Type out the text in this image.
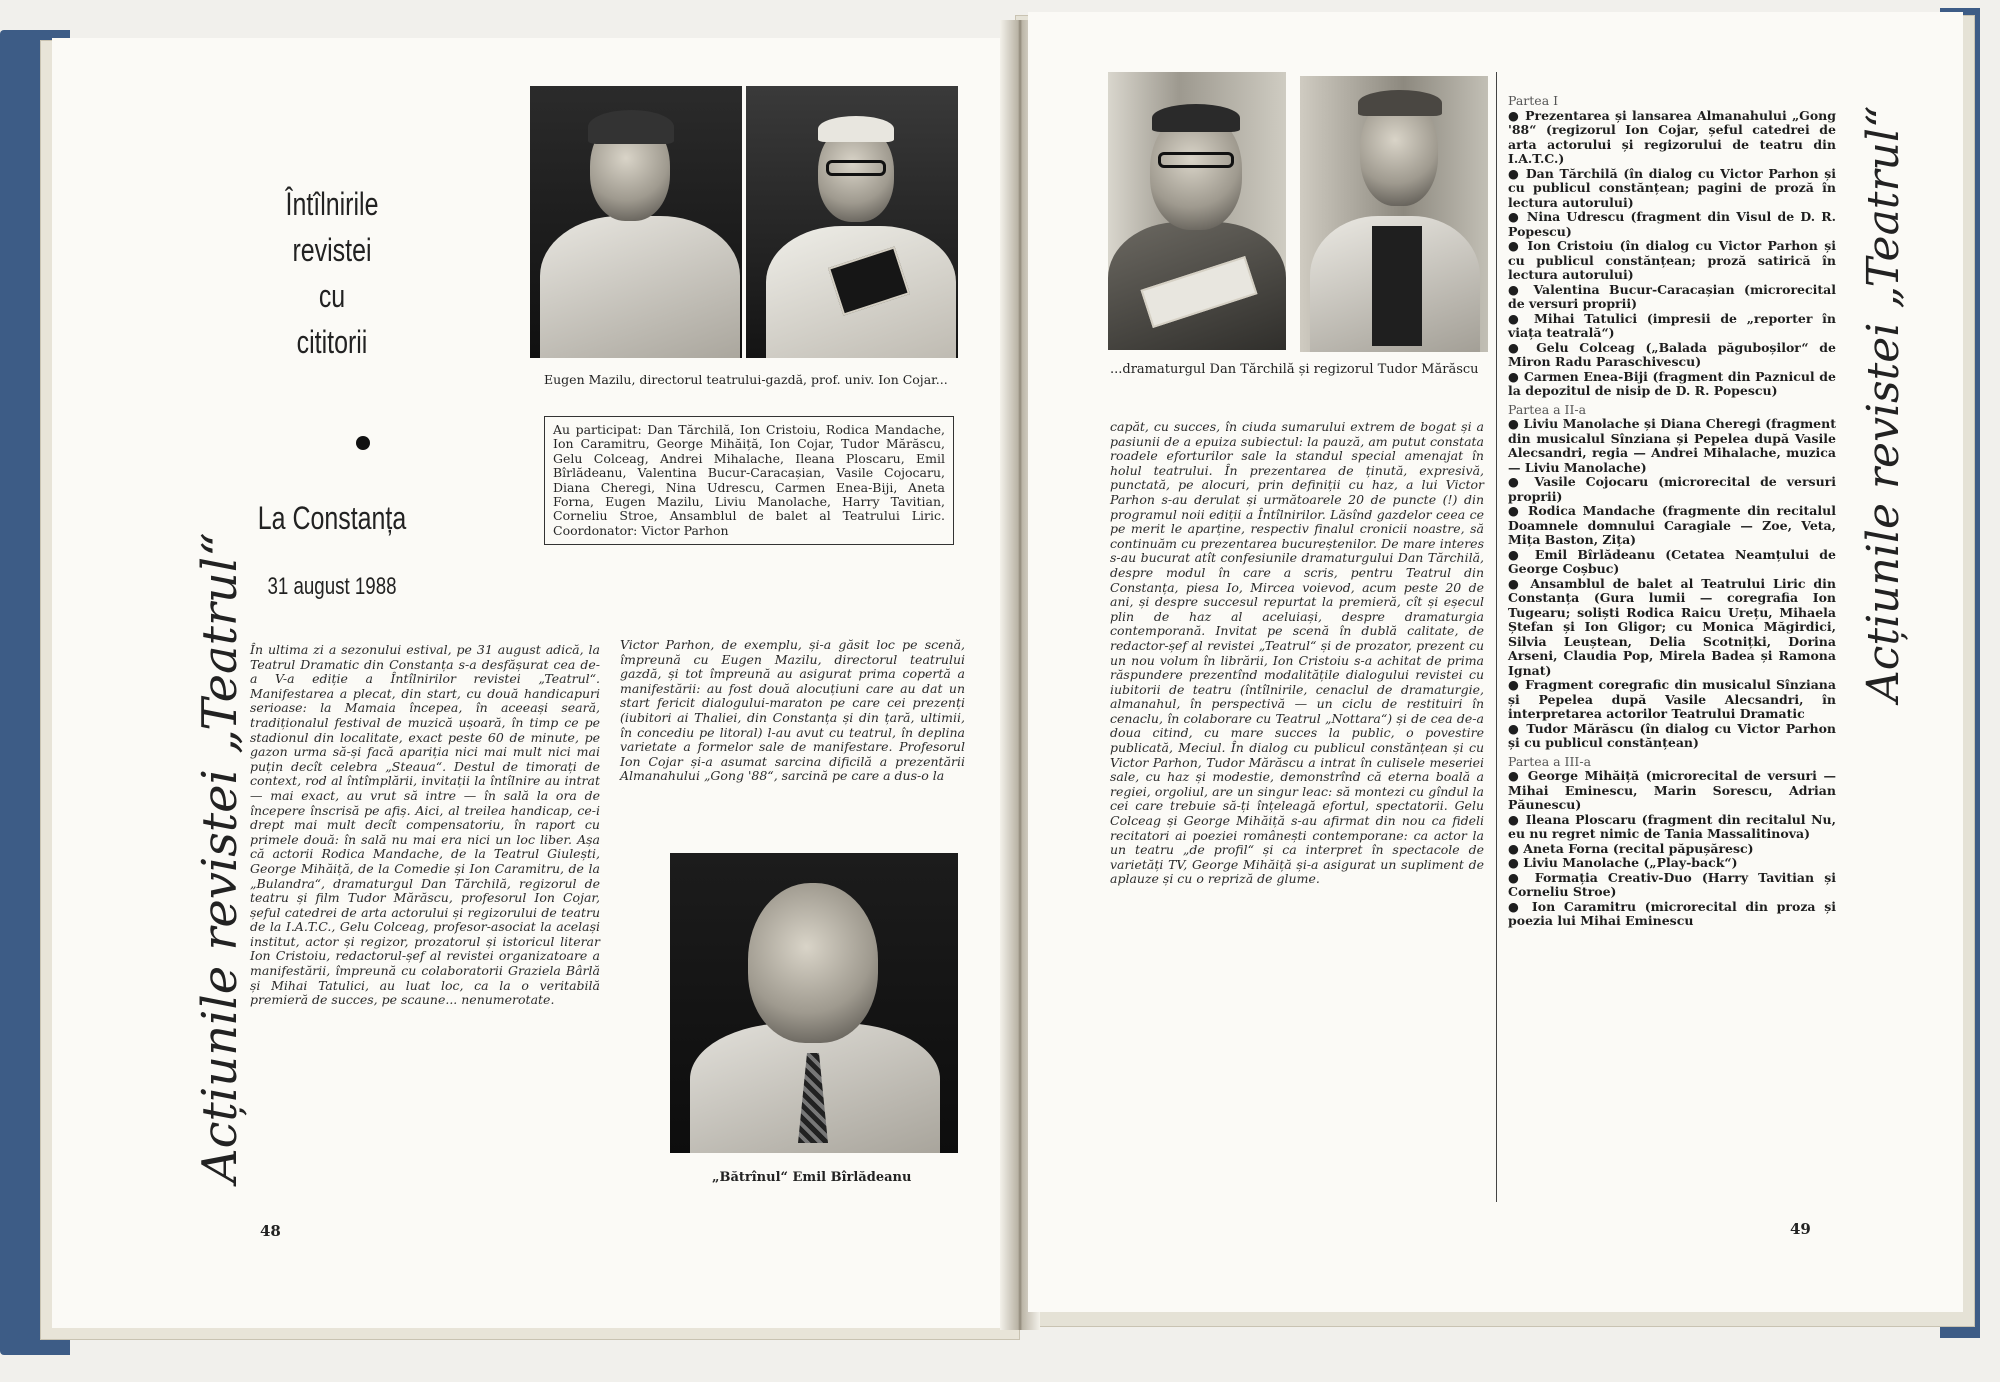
Întîlnirile
revistei
cu
cititorii
La Constanța
31 august 1988
Acțiunile revistei „Teatrul“
Eugen Mazilu, directorul teatrului-gazdă, prof. univ. Ion Cojar...
Au participat: Dan Tărchilă, Ion Cristoiu, Rodica Mandache, Ion Caramitru, George Mihăiță, Ion Cojar, Tudor Mărăscu, Gelu Colceag, Andrei Mihalache, Ileana Ploscaru, Emil Bîrlădeanu, Valentina Bucur-Caracașian, Vasile Cojocaru, Diana Cheregi, Nina Udrescu, Carmen Enea-Biji, Aneta Forna, Eugen Mazilu, Liviu Manolache, Harry Tavitian, Corneliu Stroe, Ansamblul de balet al Teatrului Liric. Coordonator: Victor Parhon
În ultima zi a sezonului estival, pe 31 august adică, la Teatrul Dramatic din Constanța s-a desfășurat cea de-a V-a ediție a Întîlnirilor revistei „Teatrul“. Manifestarea a plecat, din start, cu două handicapuri serioase: la Mamaia începea, în aceeași seară, tradiționalul festival de muzică ușoară, în timp ce pe stadionul din localitate, exact peste 60 de minute, pe gazon urma să-și facă apariția nici mai mult nici mai puțin decît celebra „Steaua“. Destul de timorați de context, rod al întîmplării, invitații la întîlnire au intrat — mai exact, au vrut să intre — în sală la ora de începere înscrisă pe afiș. Aici, al treilea handicap, ce-i drept mai mult decît compensatoriu, în raport cu primele două: în sală nu mai era nici un loc liber. Așa că actorii Rodica Mandache, de la Teatrul Giulești, George Mihăiță, de la Comedie și Ion Caramitru, de la „Bulandra“, dramaturgul Dan Tărchilă, regizorul de teatru și film Tudor Mărăscu, profesorul Ion Cojar, șeful catedrei de arta actorului și regizorului de teatru de la I.A.T.C., Gelu Colceag, profesor-asociat la același institut, actor și regizor, prozatorul și istoricul literar Ion Cristoiu, redactorul-șef al revistei organizatoare a manifestării, împreună cu colaboratorii Graziela Bârlă și Mihai Tatulici, au luat loc, ca la o veritabilă premieră de succes, pe scaune... nenumerotate.
Victor Parhon, de exemplu, și-a găsit loc pe scenă, împreună cu Eugen Mazilu, directorul teatrului gazdă, și tot împreună au asigurat prima copertă a manifestării: au fost două alocuțiuni care au dat un start fericit dialogului-maraton pe care cei prezenți (iubitori ai Thaliei, din Constanța și din țară, ultimii, în concediu pe litoral) l-au avut cu teatrul, în deplina varietate a formelor sale de manifestare. Profesorul Ion Cojar și-a asumat sarcina dificilă a prezentării Almanahului „Gong '88“, sarcină pe care a dus-o la
„Bătrînul“ Emil Bîrlădeanu
48
...dramaturgul Dan Tărchilă și regizorul Tudor Mărăscu
capăt, cu succes, în ciuda sumarului extrem de bogat și a pasiunii de a epuiza subiectul: la pauză, am putut constata roadele eforturilor sale la standul special amenajat în holul teatrului. În prezentarea de ținută, expresivă, punctată, pe alocuri, prin definiții cu haz, a lui Victor Parhon s-au derulat și următoarele 20 de puncte (!) din programul noii ediții a Întîlnirilor. Lăsînd gazdelor ceea ce pe merit le aparține, respectiv finalul cronicii noastre, să continuăm cu prezentarea bucureștenilor. De mare interes s-au bucurat atît confesiunile dramaturgului Dan Tărchilă, despre modul în care a scris, pentru Teatrul din Constanța, piesa Io, Mircea voievod, acum peste 20 de ani, și despre succesul repurtat la premieră, cît și eșecul plin de haz al aceluiași, despre dramaturgia contemporană. Invitat pe scenă în dublă calitate, de redactor-șef al revistei „Teatrul“ și de prozator, prezent cu un nou volum în librării, Ion Cristoiu s-a achitat de prima răspundere prezentînd modalitățile dialogului revistei cu iubitorii de teatru (întîlnirile, cenaclul de dramaturgie, almanahul, în perspectivă — un ciclu de restituiri în cenaclu, în colaborare cu Teatrul „Nottara“) și de cea de-a doua citind, cu mare succes la public, o povestire publicată, Meciul. În dialog cu publicul constănțean și cu Victor Parhon, Tudor Mărăscu a intrat în culisele meseriei sale, cu haz și modestie, demonstrînd că eterna boală a regiei, orgoliul, are un singur leac: să montezi cu gîndul la cei care trebuie să-ți înțeleagă efortul, spectatorii. Gelu Colceag și George Mihăiță s-au afirmat din nou ca fideli recitatori ai poeziei românești contemporane: ca actor la un teatru „de profil“ și ca interpret în spectacole de varietăți TV, George Mihăiță și-a asigurat un supliment de aplauze și cu o repriză de glume.
Partea I
● Prezentarea și lansarea Almanahului „Gong '88“ (regizorul Ion Cojar, șeful catedrei de arta actorului și regizorului de teatru din I.A.T.C.)
● Dan Tărchilă (în dialog cu Victor Parhon și cu publicul constănțean; pagini de proză în lectura autorului)
● Nina Udrescu (fragment din Visul de D. R. Popescu)
● Ion Cristoiu (în dialog cu Victor Parhon și cu publicul constănțean; proză satirică în lectura autorului)
● Valentina Bucur-Caracașian (microrecital de versuri proprii)
● Mihai Tatulici (impresii de „reporter în viața teatrală“)
● Gelu Colceag („Balada păguboșilor“ de Miron Radu Paraschivescu)
● Carmen Enea-Biji (fragment din Paznicul de la depozitul de nisip de D. R. Popescu)
Partea a II-a
● Liviu Manolache și Diana Cheregi (fragment din musicalul Sînziana și Pepelea după Vasile Alecsandri, regia — Andrei Mihalache, muzica — Liviu Manolache)
● Vasile Cojocaru (microrecital de versuri proprii)
● Rodica Mandache (fragmente din recitalul Doamnele domnului Caragiale — Zoe, Veta, Mița Baston, Zița)
● Emil Bîrlădeanu (Cetatea Neamțului de George Coșbuc)
● Ansamblul de balet al Teatrului Liric din Constanța (Gura lumii — coregrafia Ion Tugearu; soliști Rodica Raicu Urețu, Mihaela Ștefan și Ion Gligor; cu Monica Măgirdici, Silvia Leuștean, Delia Scotnițki, Dorina Arseni, Claudia Pop, Mirela Badea și Ramona Ignat)
● Fragment coregrafic din musicalul Sînziana și Pepelea după Vasile Alecsandri, în interpretarea actorilor Teatrului Dramatic
● Tudor Mărăscu (în dialog cu Victor Parhon și cu publicul constănțean)
Partea a III-a
● George Mihăiță (microrecital de versuri — Mihai Eminescu, Marin Sorescu, Adrian Păunescu)
● Ileana Ploscaru (fragment din recitalul Nu, eu nu regret nimic de Tania Massalitinova)
● Aneta Forna (recital păpușăresc)
● Liviu Manolache („Play-back“)
● Formația Creativ-Duo (Harry Tavitian și Corneliu Stroe)
● Ion Caramitru (microrecital din proza și poezia lui Mihai Eminescu
Acțiunile revistei „Teatrul“
49
